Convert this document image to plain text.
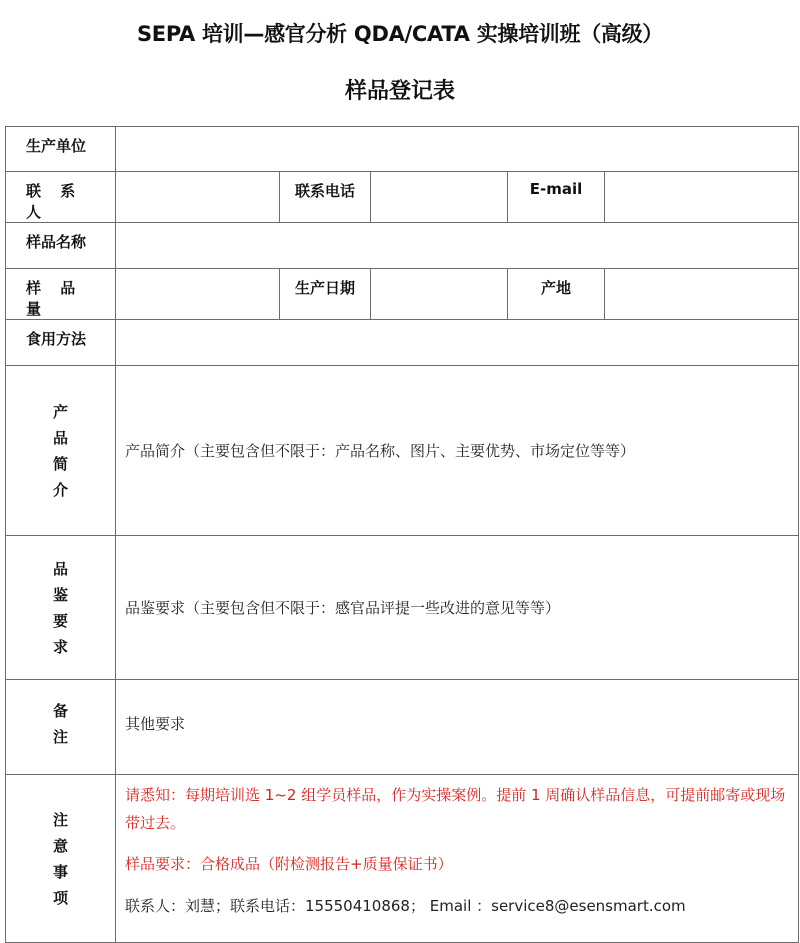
SEPA 培训—感官分析 QDA/CATA 实操培训班（高级）
样品登记表
生产单位					
联 系 人		联系电话		E-mail	
样品名称					
样 品 量		生产日期		产地	
食用方法					

产
品
简
介	产品简介（主要包含但不限于：产品名称、图片、主要优势、市场定位等等）				

品
鉴
要
求	品鉴要求（主要包含但不限于：感官品评提一些改进的意见等等）				

备
注	其他要求				

注
意
事
项

请悉知：每期培训选 1~2 组学员样品，作为实操案例。提前 1 周确认样品信息，可提前邮寄或现场带过去。

样品要求：合格成品（附检测报告+质量保证书）

联系人：刘慧；联系电话：15550410868； Email ：service8@esensmart.com
